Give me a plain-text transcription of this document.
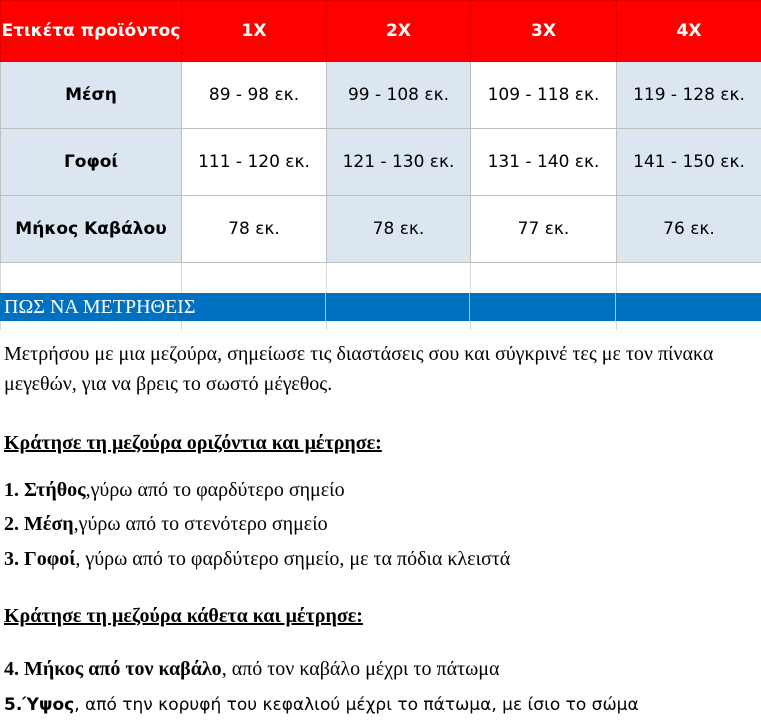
Ετικέτα προϊόντος	1X	2X	3X	4X
Μέση	89 - 98 εκ.	99 - 108 εκ.	109 - 118 εκ.	119 - 128 εκ.
Γοφοί	111 - 120 εκ.	121 - 130 εκ.	131 - 140 εκ.	141 - 150 εκ.
Μήκος Καβάλου	78 εκ.	78 εκ.	77 εκ.	76 εκ.

ΠΩΣ ΝΑ ΜΕΤΡΗΘΕΙΣ
Μετρήσου με μια μεζούρα, σημείωσε τις διαστάσεις σου και σύγκρινέ τες με τον πίνακα μεγεθών, για να βρεις το σωστό μέγεθος.
Κράτησε τη μεζούρα οριζόντια και μέτρησε:
1. Στήθος,γύρω από το φαρδύτερο σημείο
2. Μέση,γύρω από το στενότερο σημείο
3. Γοφοί, γύρω από το φαρδύτερο σημείο, με τα πόδια κλειστά
Κράτησε τη μεζούρα κάθετα και μέτρησε:
4. Μήκος από τον καβάλο, από τον καβάλο μέχρι το πάτωμα
5.Ύψος, από την κορυφή του κεφαλιού μέχρι το πάτωμα, με ίσιο το σώμα
